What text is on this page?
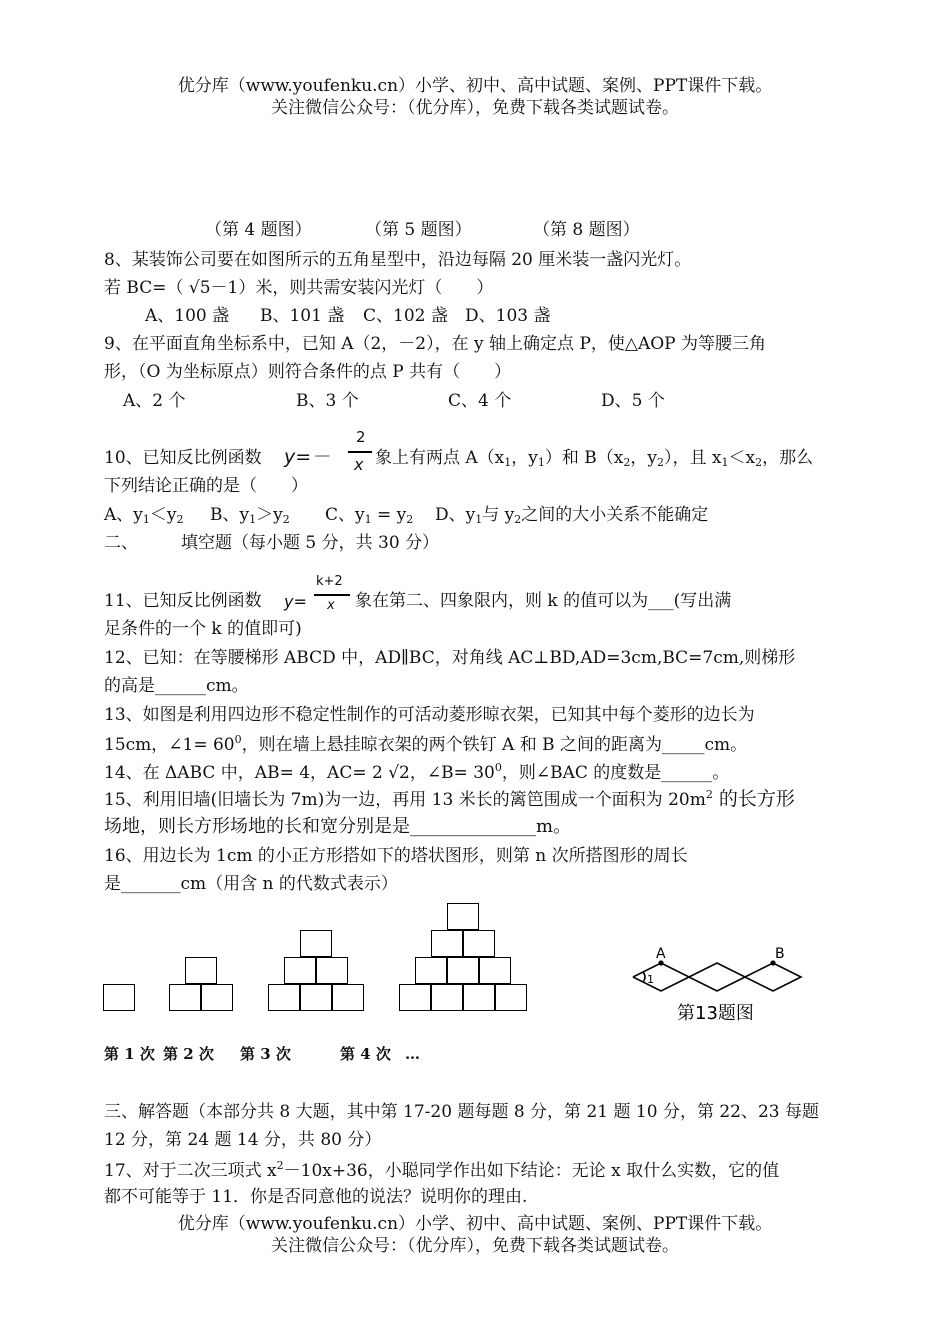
优分库（www.youfenku.cn）小学、初中、高中试题、案例、PPT课件下载。
关注微信公众号：（优分库），免费下载各类试题试卷。
（第 4 题图）	（第 5 题图）	（第 8 题图）
8、某装饰公司要在如图所示的五角星型中，沿边每隔 20 厘米装一盏闪光灯。
若 BC=（ √5－1）米，则共需安装闪光灯（　　）
A、100 盏 B、101 盏 C、102 盏 D、103 盏
9、在平面直角坐标系中，已知 A（2，－2），在 y 轴上确定点 P，使△AOP 为等腰三角
形，（O 为坐标原点）则符合条件的点 P 共有（　　）
A、2 个	B、3 个	C、4 个	D、5 个
10、已知反比例函数 y=－
2
x 象上有两点 $A(x_1$，$y_1$）和 $B(x_2$，$y_2$），且 $x_1<x_2$，那么
下列结论正确的是（　　）
A、$y_1<y_2$ B、$y_1>y_2$ C、$y_1 = y_2$ D、$y_1$与 $y_2$之间的大小关系不能确定
二、	填空题（每小题 5 分，共 30 分）
11、已知反比例函数 y=
k+2
x 象在第二、四象限内，则 k 的值可以为___(写出满
足条件的一个 k 的值即可)
12、已知：在等腰梯形 ABCD 中，AD∥BC，对角线 AC⊥BD,AD=3cm,BC=7cm,则梯形
的高是______cm。
13、如图是利用四边形不稳定性制作的可活动菱形晾衣架，已知其中每个菱形的边长为
15cm，∠1= $60^0$，则在墙上悬挂晾衣架的两个铁钉 A 和 B 之间的距离为_____cm。
14、在 ΔABC 中，AB= 4，AC= 2 √2，∠B= $30^0$，则∠BAC 的度数是______。
15、利用旧墙(旧墙长为 7m)为一边，再用 13 米长的篱笆围成一个面积为 $20m^2$ 的长方形
场地，则长方形场地的长和宽分别是是______________m。
16、用边长为 1cm 的小正方形搭如下的塔状图形，则第 n 次所搭图形的周长
是_______cm（用含 n 的代数式表示）
第 1 次 第 2 次 第 3 次	第 4 次 …
A	B
1
第13题图
三、解答题（本部分共 8 大题，其中第 17-20 题每题 8 分，第 21 题 10 分，第 22、23 每题
12 分，第 24 题 14 分，共 80 分）
17、对于二次三项式 $x^2-10x+36$，小聪同学作出如下结论：无论 x 取什么实数，它的值
都不可能等于 11．你是否同意他的说法？说明你的理由.
优分库（www.youfenku.cn）小学、初中、高中试题、案例、PPT课件下载。
关注微信公众号：（优分库），免费下载各类试题试卷。
